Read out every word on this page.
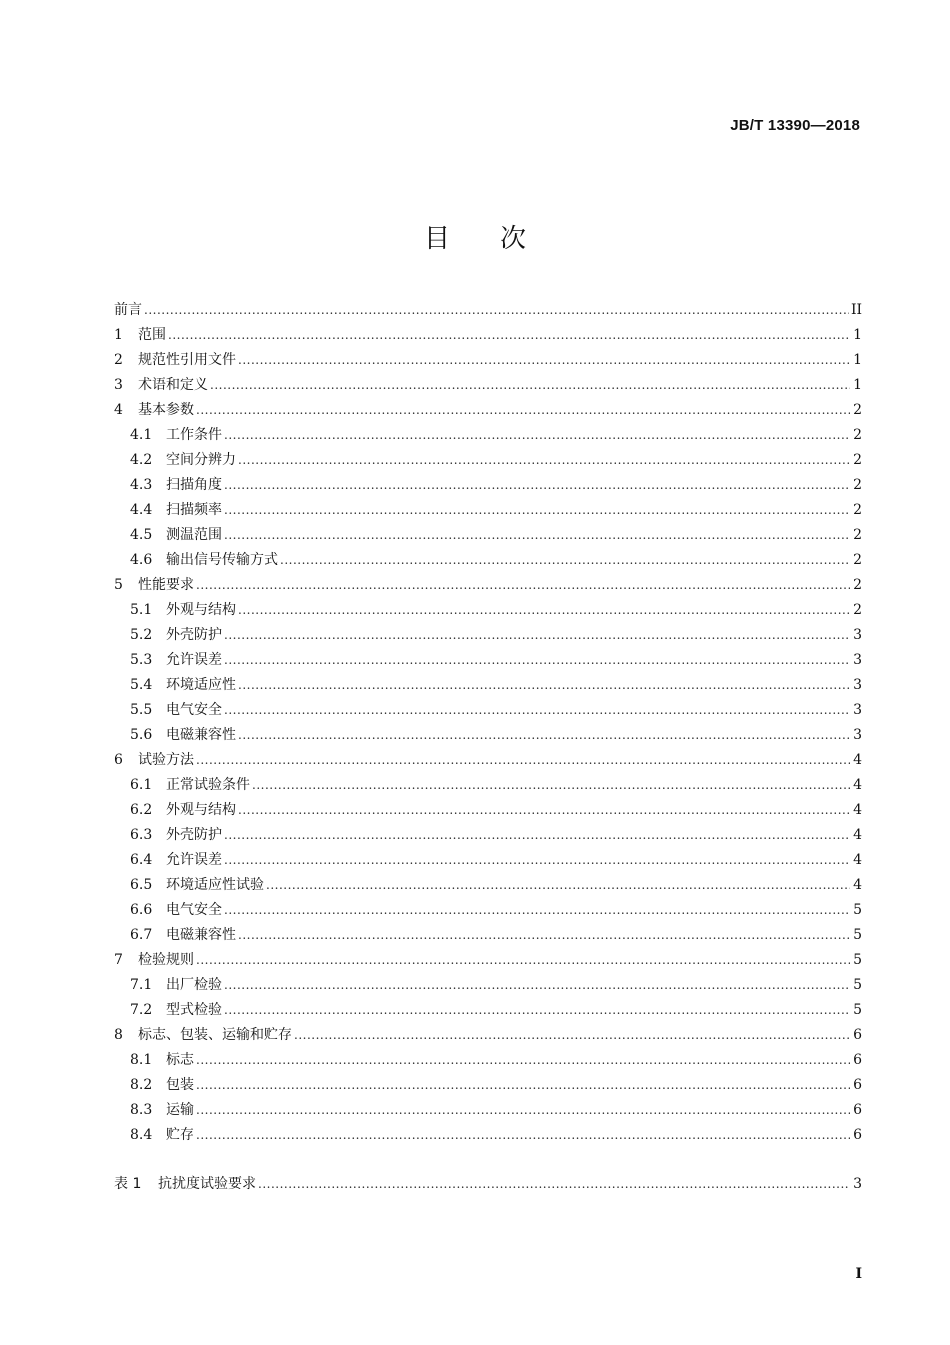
JB/T 13390—2018
目次
前言 .....	II
1	范围 .....	1
2	规范性引用文件 .....	1
3	术语和定义 .....	1
4	基本参数 .....	2
4.1 工作条件 .....	2
4.2 空间分辨力 .....	2
4.3 扫描角度 .....	2
4.4 扫描频率 .....	2
4.5 测温范围 .....	2
4.6 输出信号传输方式 .....	2
5	性能要求 .....	2
5.1 外观与结构 .....	2
5.2 外壳防护 .....	3
5.3 允许误差 .....	3
5.4 环境适应性 .....	3
5.5 电气安全 .....	3
5.6 电磁兼容性 .....	3
6	试验方法 .....	4
6.1 正常试验条件 .....	4
6.2 外观与结构 .....	4
6.3 外壳防护 .....	4
6.4 允许误差 .....	4
6.5 环境适应性试验 .....	4
6.6 电气安全 .....	5
6.7 电磁兼容性 .....	5
7	检验规则 .....	5
7.1 出厂检验 .....	5
7.2 型式检验 .....	5
8	标志、包装、运输和贮存 .....	6
8.1 标志 .....	6
8.2 包装 .....	6
8.3 运输 .....	6
8.4 贮存 .....	6
表 1	抗扰度试验要求 .....	3
I
